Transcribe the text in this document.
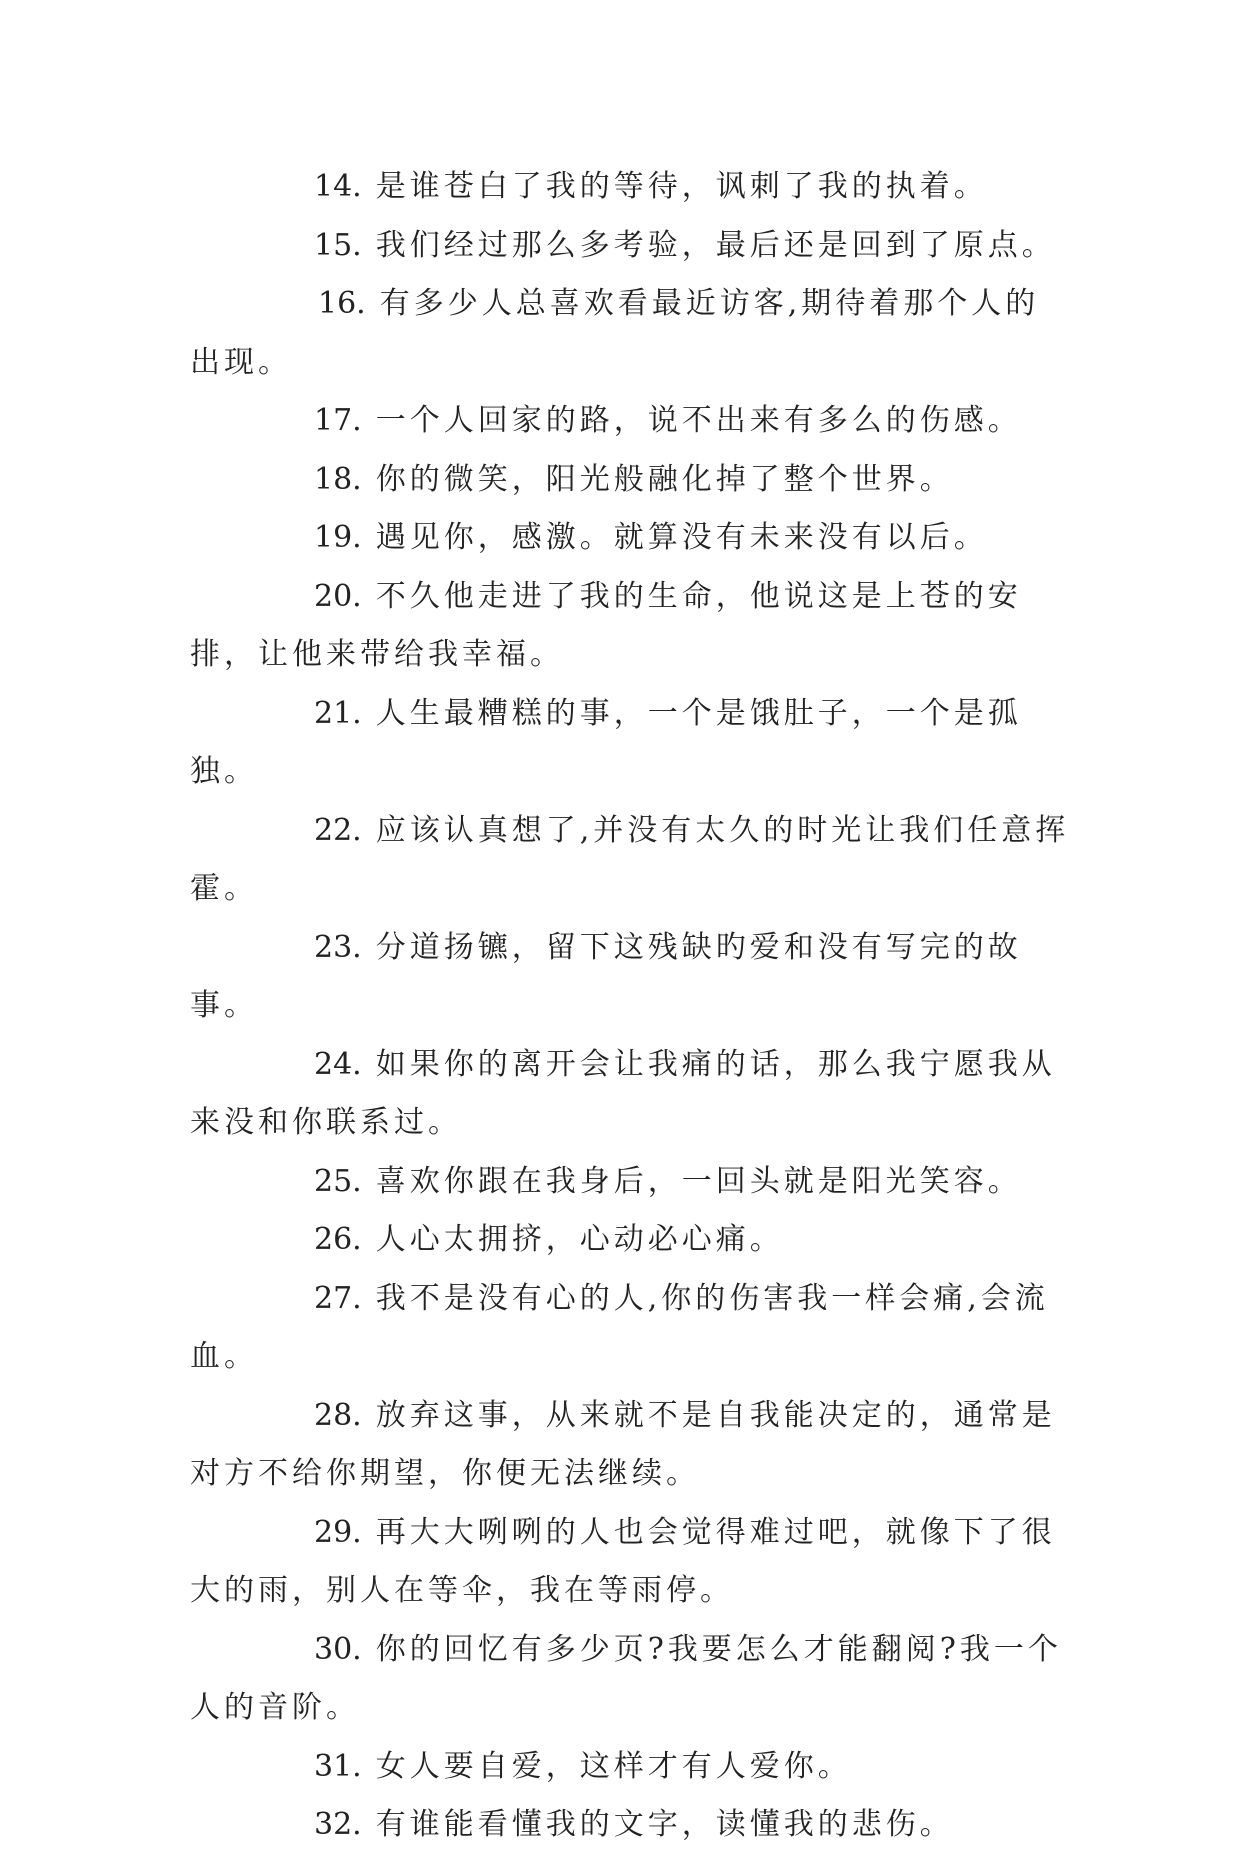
14. 是谁苍白了我的等待，讽刺了我的执着。

15. 我们经过那么多考验，最后还是回到了原点。

16. 有多少人总喜欢看最近访客,期待着那个人的出现。

17. 一个人回家的路，说不出来有多么的伤感。

18. 你的微笑，阳光般融化掉了整个世界。

19. 遇见你，感激。就算没有未来没有以后。

20. 不久他走进了我的生命，他说这是上苍的安排，让他来带给我幸福。

21. 人生最糟糕的事，一个是饿肚子，一个是孤独。

22. 应该认真想了,并没有太久的时光让我们任意挥霍。

23. 分道扬镳，留下这残缺旳爱和没有写完的故事。

24. 如果你的离开会让我痛的话，那么我宁愿我从来没和你联系过。

25. 喜欢你跟在我身后，一回头就是阳光笑容。

26. 人心太拥挤，心动必心痛。

27. 我不是没有心的人,你的伤害我一样会痛,会流血。

28. 放弃这事，从来就不是自我能决定的，通常是对方不给你期望，你便无法继续。

29. 再大大咧咧的人也会觉得难过吧，就像下了很大的雨，别人在等伞，我在等雨停。

30. 你的回忆有多少页?我要怎么才能翻阅?我一个人的音阶。

31. 女人要自爱，这样才有人爱你。

32. 有谁能看懂我的文字，读懂我的悲伤。
